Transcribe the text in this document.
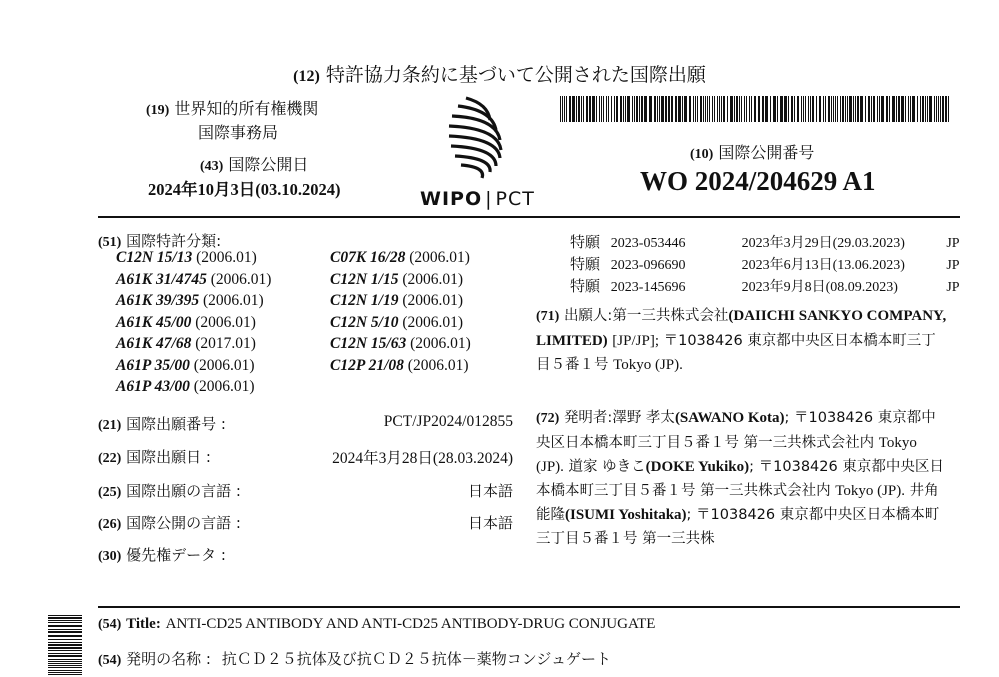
(12) 特許協力条約に基づいて公開された国際出願
(19) 世界知的所有権機関
国際事務局
(43) 国際公開日
2024年10月3日(03.10.2024)	WIPO | PCT
(10) 国際公開番号
WO 2024/204629 A1
(51) 国際特許分類:
C12N 15/13 (2006.01)
A61K 31/4745 (2006.01)
A61K 39/395 (2006.01)
A61K 45/00 (2006.01)
A61K 47/68 (2017.01)
A61P 35/00 (2006.01)
A61P 43/00 (2006.01)
C07K 16/28 (2006.01)
C12N 1/15 (2006.01)
C12N 1/19 (2006.01)
C12N 5/10 (2006.01)
C12N 15/63 (2006.01)
C12P 21/08 (2006.01)
(21) 国際出願番号 :	PCT/JP2024/012855
(22) 国際出願日 :	2024年3月28日(28.03.2024)
(25) 国際出願の言語 :	日本語
(26) 国際公開の言語 :	日本語
(30) 優先権データ :
特願 2023-053446	2023年3月29日(29.03.2023)	JP
特願 2023-096690	2023年6月13日(13.06.2023)	JP
特願 2023-145696	2023年9月8日(08.09.2023)	JP
(71) 出願人:第一三共株式会社(DAIICHI SANKYO COMPANY, LIMITED) [JP/JP]; 〒1038426 東京都中央区日本橋本町三丁目５番１号 Tokyo (JP).
(72) 発明者:澤野 孝太(SAWANO Kota); 〒1038426 東京都中央区日本橋本町三丁目５番１号 第一三共株式会社内 Tokyo (JP). 道家 ゆきこ(DOKE Yukiko); 〒1038426 東京都中央区日本橋本町三丁目５番１号 第一三共株式会社内 Tokyo (JP). 井角 能隆(ISUMI Yoshitaka); 〒1038426 東京都中央区日本橋本町三丁目５番１号 第一三共株
(54) Title: ANTI-CD25 ANTIBODY AND ANTI-CD25 ANTIBODY-DRUG CONJUGATE
(54) 発明の名称 : 抗ＣＤ２５抗体及び抗ＣＤ２５抗体－薬物コンジュゲート
